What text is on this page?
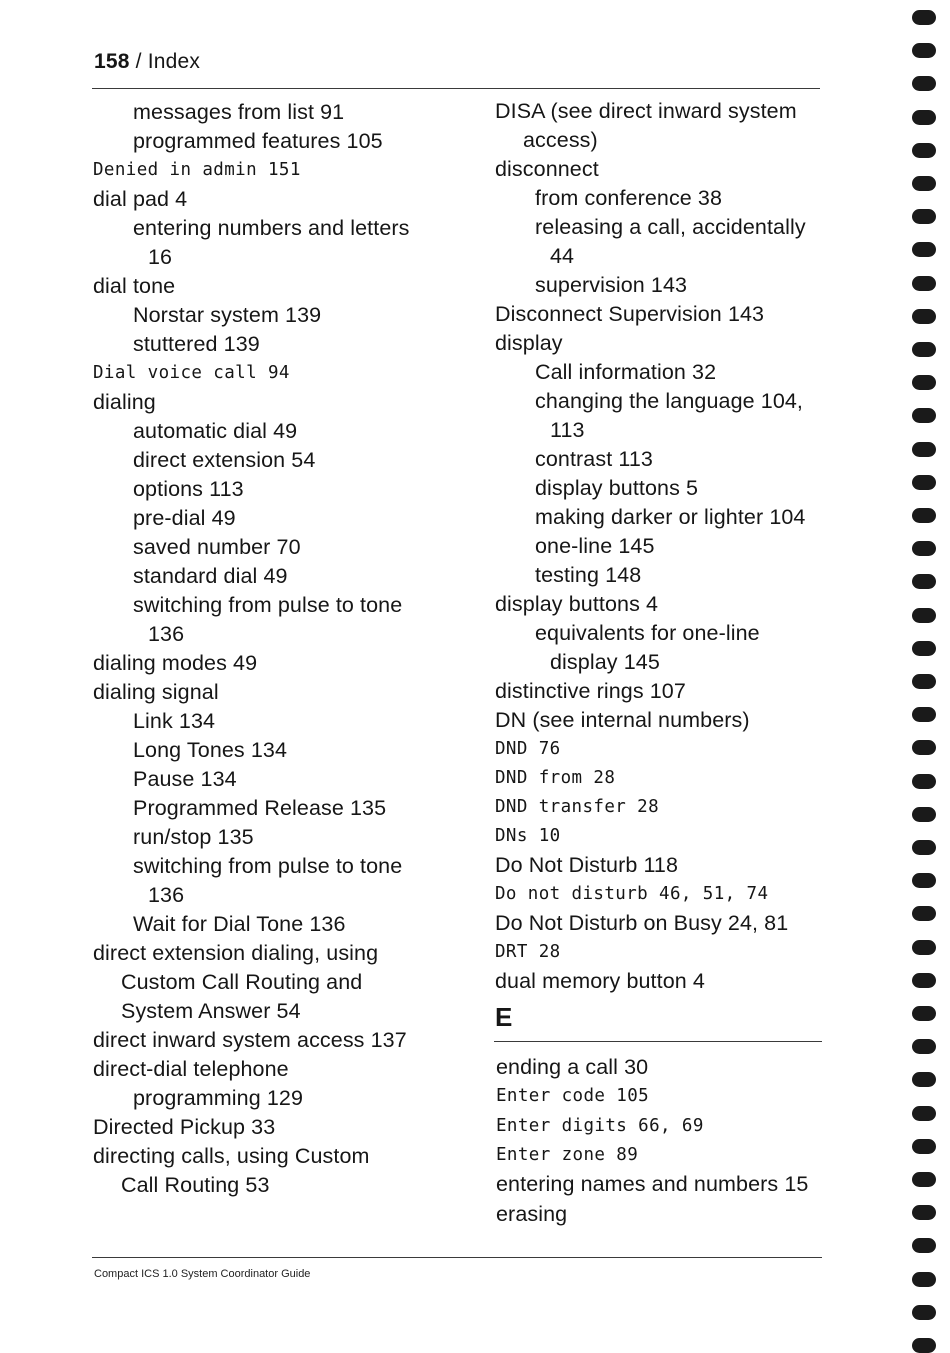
158 / Index
messages from list 91
programmed features 105
Denied in admin 151
dial pad 4
entering numbers and letters
16
dial tone
Norstar system 139
stuttered 139
Dial voice call 94
dialing
automatic dial 49
direct extension 54
options 113
pre-dial 49
saved number 70
standard dial 49
switching from pulse to tone
136
dialing modes 49
dialing signal
Link 134
Long Tones 134
Pause 134
Programmed Release 135
run/stop 135
switching from pulse to tone
136
Wait for Dial Tone 136
direct extension dialing, using
Custom Call Routing and
System Answer 54
direct inward system access 137
direct-dial telephone
programming 129
Directed Pickup 33
directing calls, using Custom
Call Routing 53
DISA (see direct inward system
access)
disconnect
from conference 38
releasing a call, accidentally
44
supervision 143
Disconnect Supervision 143
display
Call information 32
changing the language 104,
113
contrast 113
display buttons 5
making darker or lighter 104
one-line 145
testing 148
display buttons 4
equivalents for one-line
display 145
distinctive rings 107
DN (see internal numbers)
DND 76
DND from 28
DND transfer 28
DNs 10
Do Not Disturb 118
Do not disturb 46, 51, 74
Do Not Disturb on Busy 24, 81
DRT 28
dual memory button 4
E
ending a call 30
Enter code 105
Enter digits 66, 69
Enter zone 89
entering names and numbers 15
erasing
Compact ICS 1.0 System Coordinator Guide
